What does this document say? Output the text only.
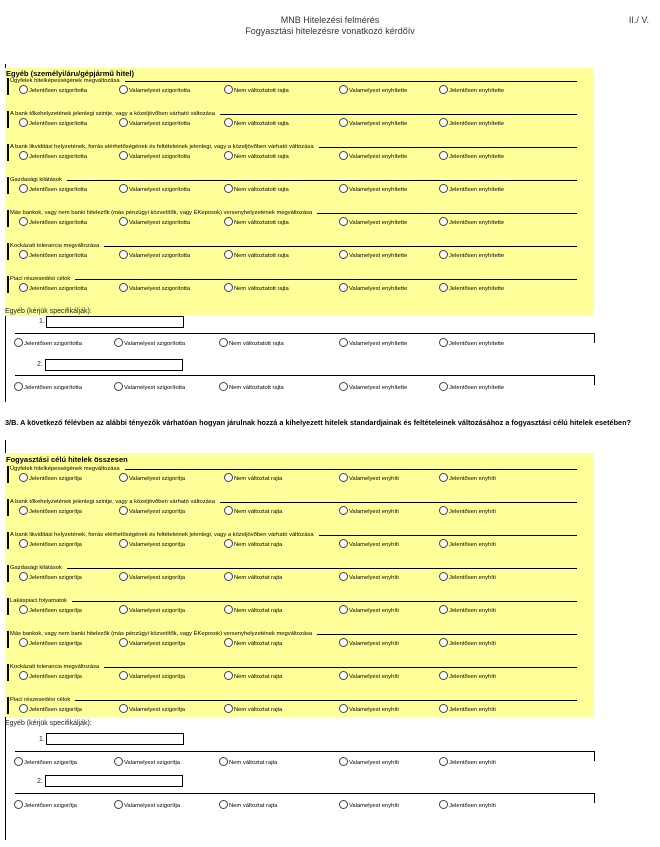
MNB Hitelezési felmérés
Fogyasztási hitelezésre vonatkozó kérdőív
II./ V.
Egyéb (személyi/áru/gépjármű hitel)
Ügyfelek hitelképességének megváltozása
Jelentősen szigorította	Valamelyest szigorította	Nem változtatott rajta	Valamelyest enyhítette	Jelentősen enyhítette
A bank tőkehelyzetének jelenlegi szintje, vagy a közeljövőben várható változása
Jelentősen szigorította	Valamelyest szigorította	Nem változtatott rajta	Valamelyest enyhítette	Jelentősen enyhítette
A bank likviditási helyzetének, forrás elérhetőségének és feltételeinek jelenlegi, vagy a közeljövőben várható változása
Jelentősen szigorította	Valamelyest szigorította	Nem változtatott rajta	Valamelyest enyhítette	Jelentősen enyhítette
Gazdasági kilátások
Jelentősen szigorította	Valamelyest szigorította	Nem változtatott rajta	Valamelyest enyhítette	Jelentősen enyhítette
Más bankok, vagy nem banki hitelezők (más pénzügyi közvetítők, vagy ÉKeposok) versenyhelyzetének megváltozása
Jelentősen szigorította	Valamelyest szigorította	Nem változtatott rajta	Valamelyest enyhítette	Jelentősen enyhítette
Kockázati tolerancia megváltozása
Jelentősen szigorította	Valamelyest szigorította	Nem változtatott rajta	Valamelyest enyhítette	Jelentősen enyhítette
Piaci részesedési célok
Jelentősen szigorította	Valamelyest szigorította	Nem változtatott rajta	Valamelyest enyhítette	Jelentősen enyhítette
Egyéb (kérjük specifikálják):
1.
Jelentősen szigorította	Valamelyest szigorította	Nem változtatott rajta	Valamelyest enyhítette	Jelentősen enyhítette
2.
Jelentősen szigorította	Valamelyest szigorította	Nem változtatott rajta	Valamelyest enyhítette	Jelentősen enyhítette
3/B. A következő félévben az alábbi tényezők várhatóan hogyan járulnak hozzá a kihelyezett hitelek standardjainak és feltételeinek változásához a fogyasztási célú hitelek esetében?
Fogyasztási célú hitelek összesen
Ügyfelek hitelképességének megváltozása
Jelentősen szigorítja	Valamelyest szigorítja	Nem változtat rajta	Valamelyest enyhíti	Jelentősen enyhíti
A bank tőkehelyzetének jelenlegi szintje, vagy a közeljövőben várható változása
Jelentősen szigorítja	Valamelyest szigorítja	Nem változtat rajta	Valamelyest enyhíti	Jelentősen enyhíti
A bank likviditási helyzetének, forrás elérhetőségének és feltételeinek jelenlegi, vagy a közeljövőben várható változása
Jelentősen szigorítja	Valamelyest szigorítja	Nem változtat rajta	Valamelyest enyhíti	Jelentősen enyhíti
Gazdasági kilátások
Jelentősen szigorítja	Valamelyest szigorítja	Nem változtat rajta	Valamelyest enyhíti	Jelentősen enyhíti
Lakáspiaci folyamatok
Jelentősen szigorítja	Valamelyest szigorítja	Nem változtat rajta	Valamelyest enyhíti	Jelentősen enyhíti
Más bankok, vagy nem banki hitelezők (más pénzügyi közvetítők, vagy ÉKeposok) versenyhelyzetének megváltozása
Jelentősen szigorítja	Valamelyest szigorítja	Nem változtat rajta	Valamelyest enyhíti	Jelentősen enyhíti
Kockázati tolerancia megváltozása
Jelentősen szigorítja	Valamelyest szigorítja	Nem változtat rajta	Valamelyest enyhíti	Jelentősen enyhíti
Piaci részesedési célok
Jelentősen szigorítja	Valamelyest szigorítja	Nem változtat rajta	Valamelyest enyhíti	Jelentősen enyhíti
Egyéb (kérjük specifikálják):
1.
Jelentősen szigorítja	Valamelyest szigorítja	Nem változtat rajta	Valamelyest enyhíti	Jelentősen enyhíti
2.
Jelentősen szigorítja	Valamelyest szigorítja	Nem változtat rajta	Valamelyest enyhíti	Jelentősen enyhíti
